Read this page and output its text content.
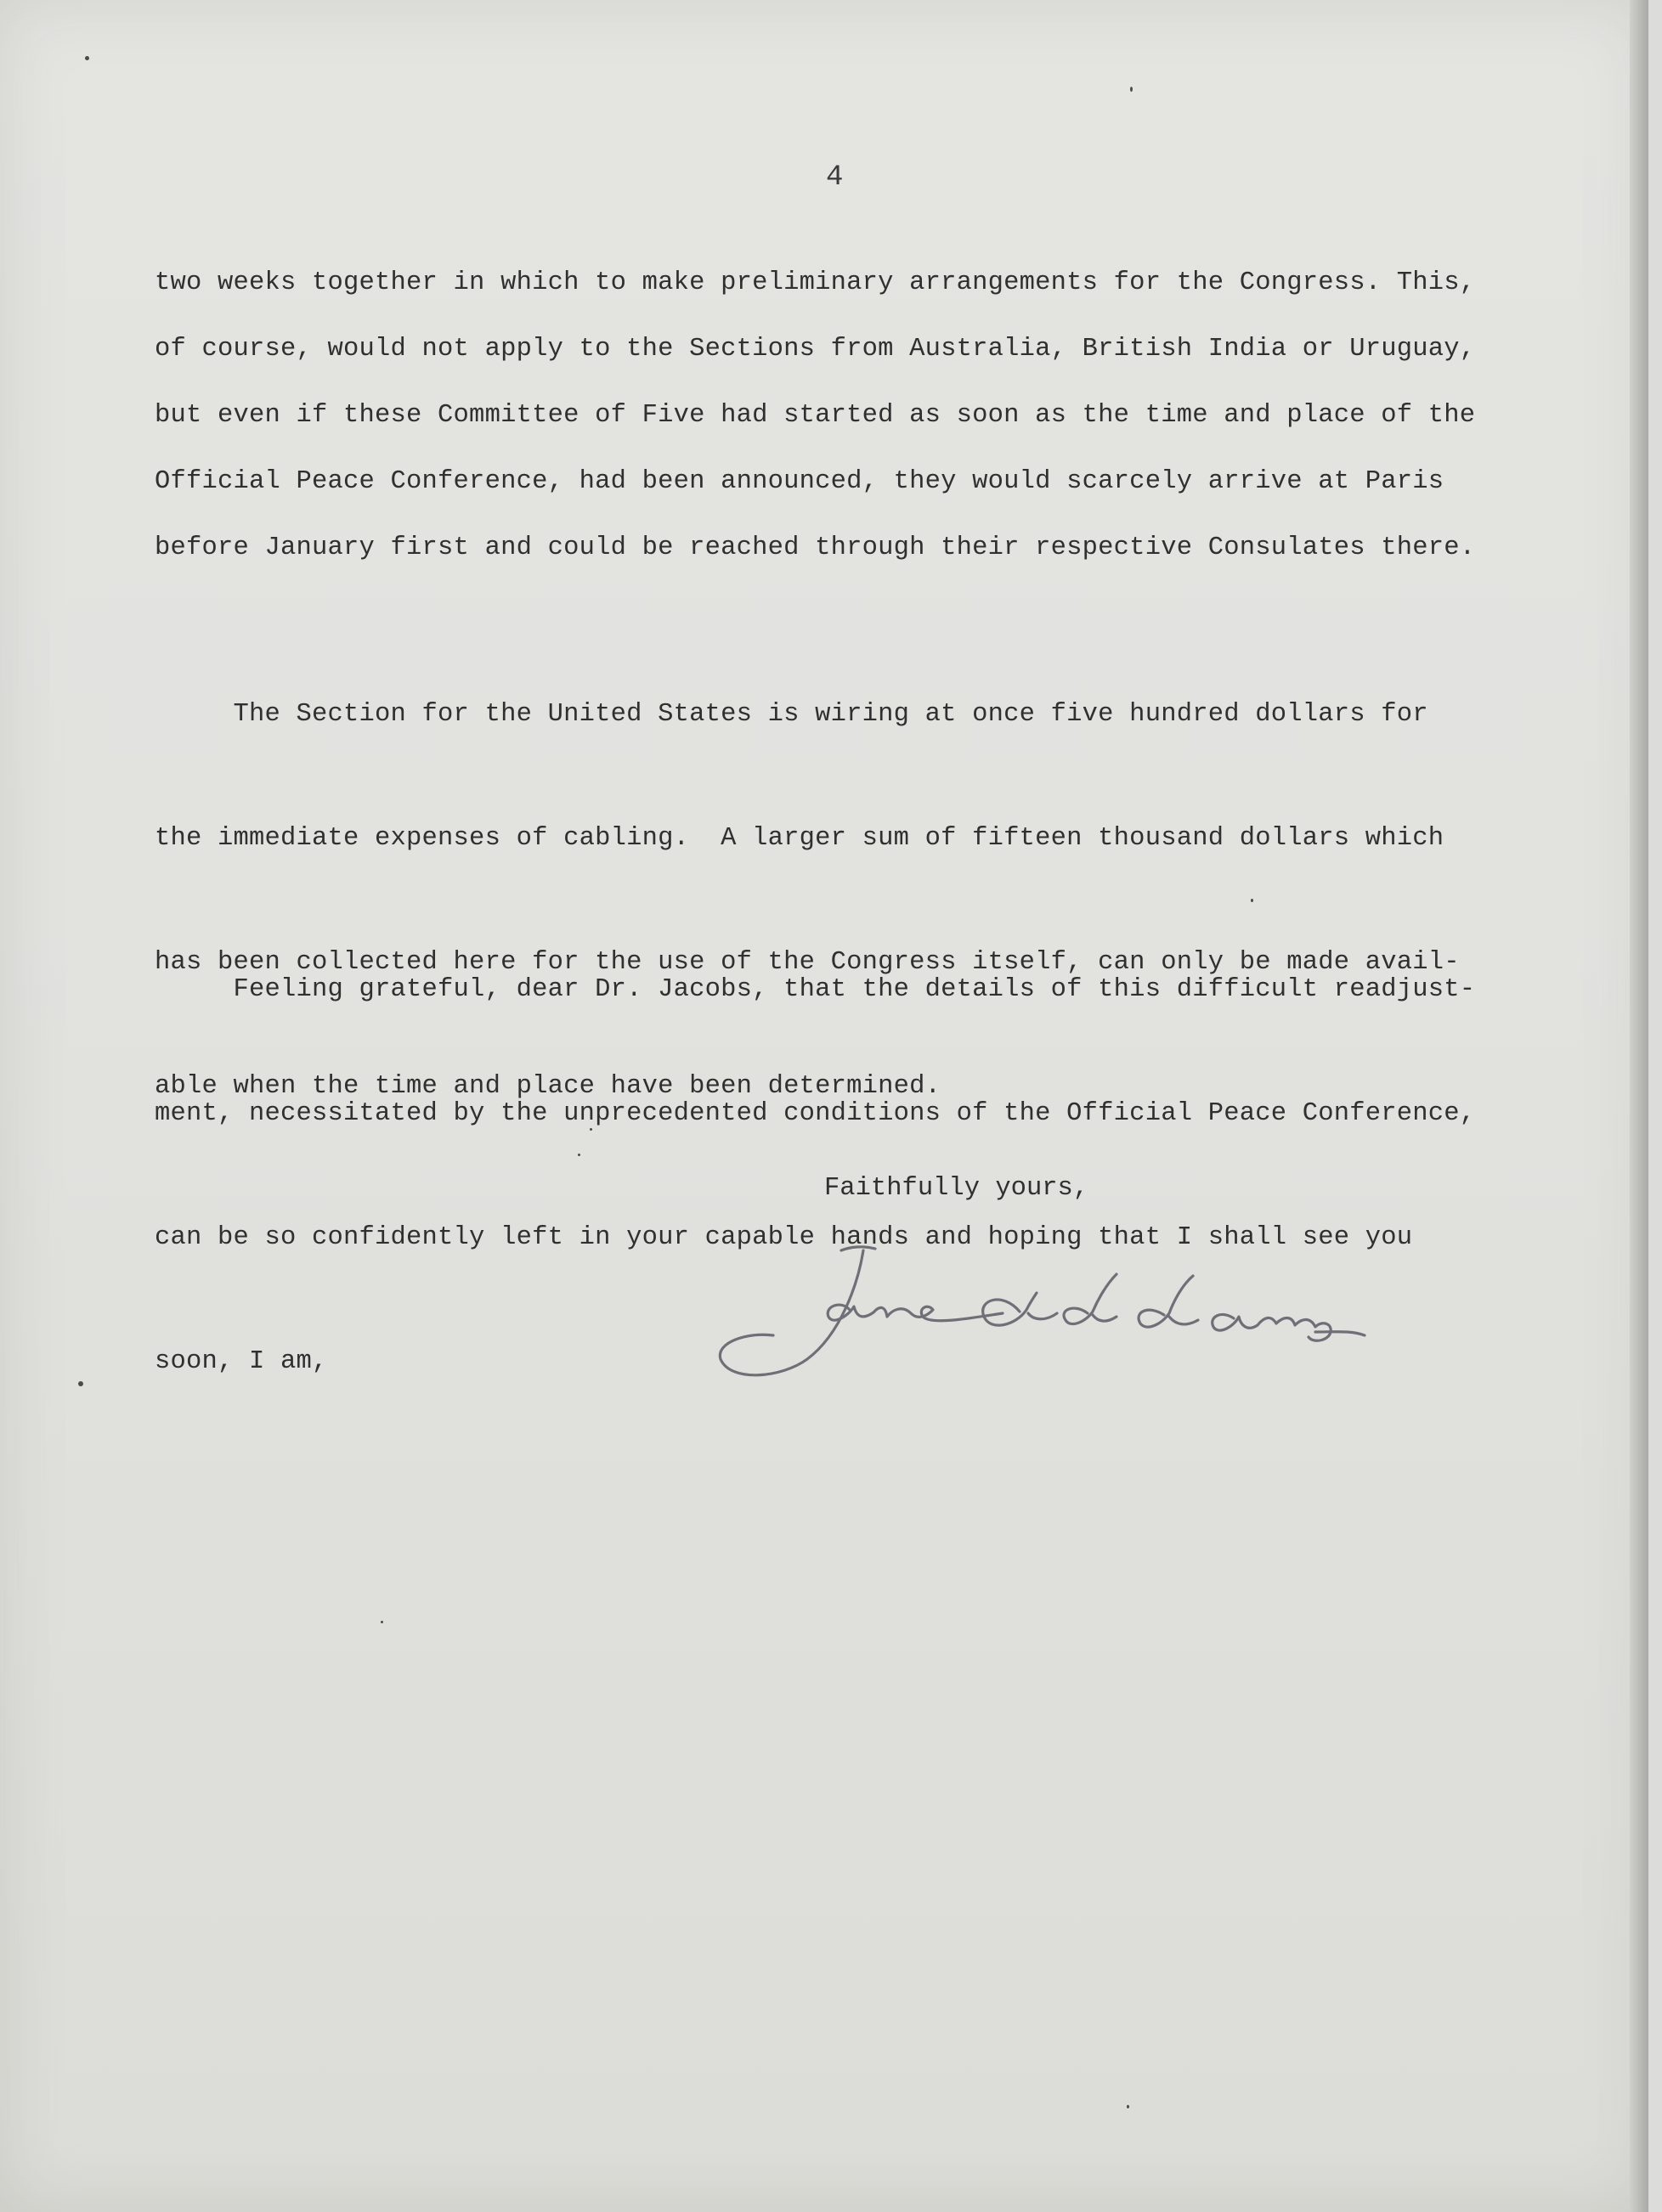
4
two weeks together in which to make preliminary arrangements for the Congress. This,
of course, would not apply to the Sections from Australia, British India or Uruguay,
but even if these Committee of Five had started as soon as the time and place of the
Official Peace Conference, had been announced, they would scarcely arrive at Paris
before January first and could be reached through their respective Consulates there.

The Section for the United States is wiring at once five hundred dollars for

the immediate expenses of cabling.  A larger sum of fifteen thousand dollars which

has been collected here for the use of the Congress itself, can only be made avail-

able when the time and place have been determined.

Feeling grateful, dear Dr. Jacobs, that the details of this difficult readjust-

ment, necessitated by the unprecedented conditions of the Official Peace Conference,

can be so confidently left in your capable hands and hoping that I shall see you

soon, I am,

Faithfully yours,
